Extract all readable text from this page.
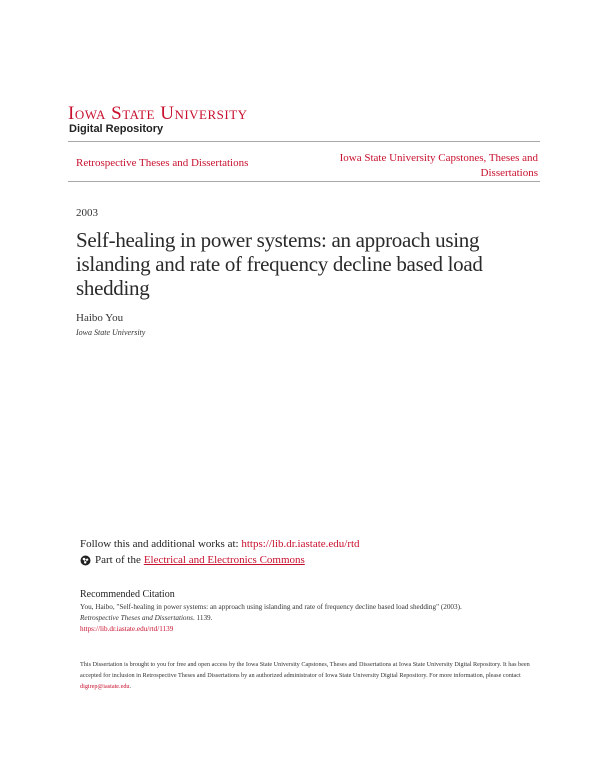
Iowa State University
Digital Repository
Retrospective Theses and Dissertations	Iowa State University Capstones, Theses and Dissertations
2003
Self-healing in power systems: an approach using islanding and rate of frequency decline based load shedding
Haibo You
Iowa State University
Follow this and additional works at: https://lib.dr.iastate.edu/rtd
Part of the Electrical and Electronics Commons
Recommended Citation
You, Haibo, "Self-healing in power systems: an approach using islanding and rate of frequency decline based load shedding" (2003).
Retrospective Theses and Dissertations. 1139.
https://lib.dr.iastate.edu/rtd/1139
This Dissertation is brought to you for free and open access by the Iowa State University Capstones, Theses and Dissertations at Iowa State University Digital Repository. It has been accepted for inclusion in Retrospective Theses and Dissertations by an authorized administrator of Iowa State University Digital Repository. For more information, please contact digirep@iastate.edu.
